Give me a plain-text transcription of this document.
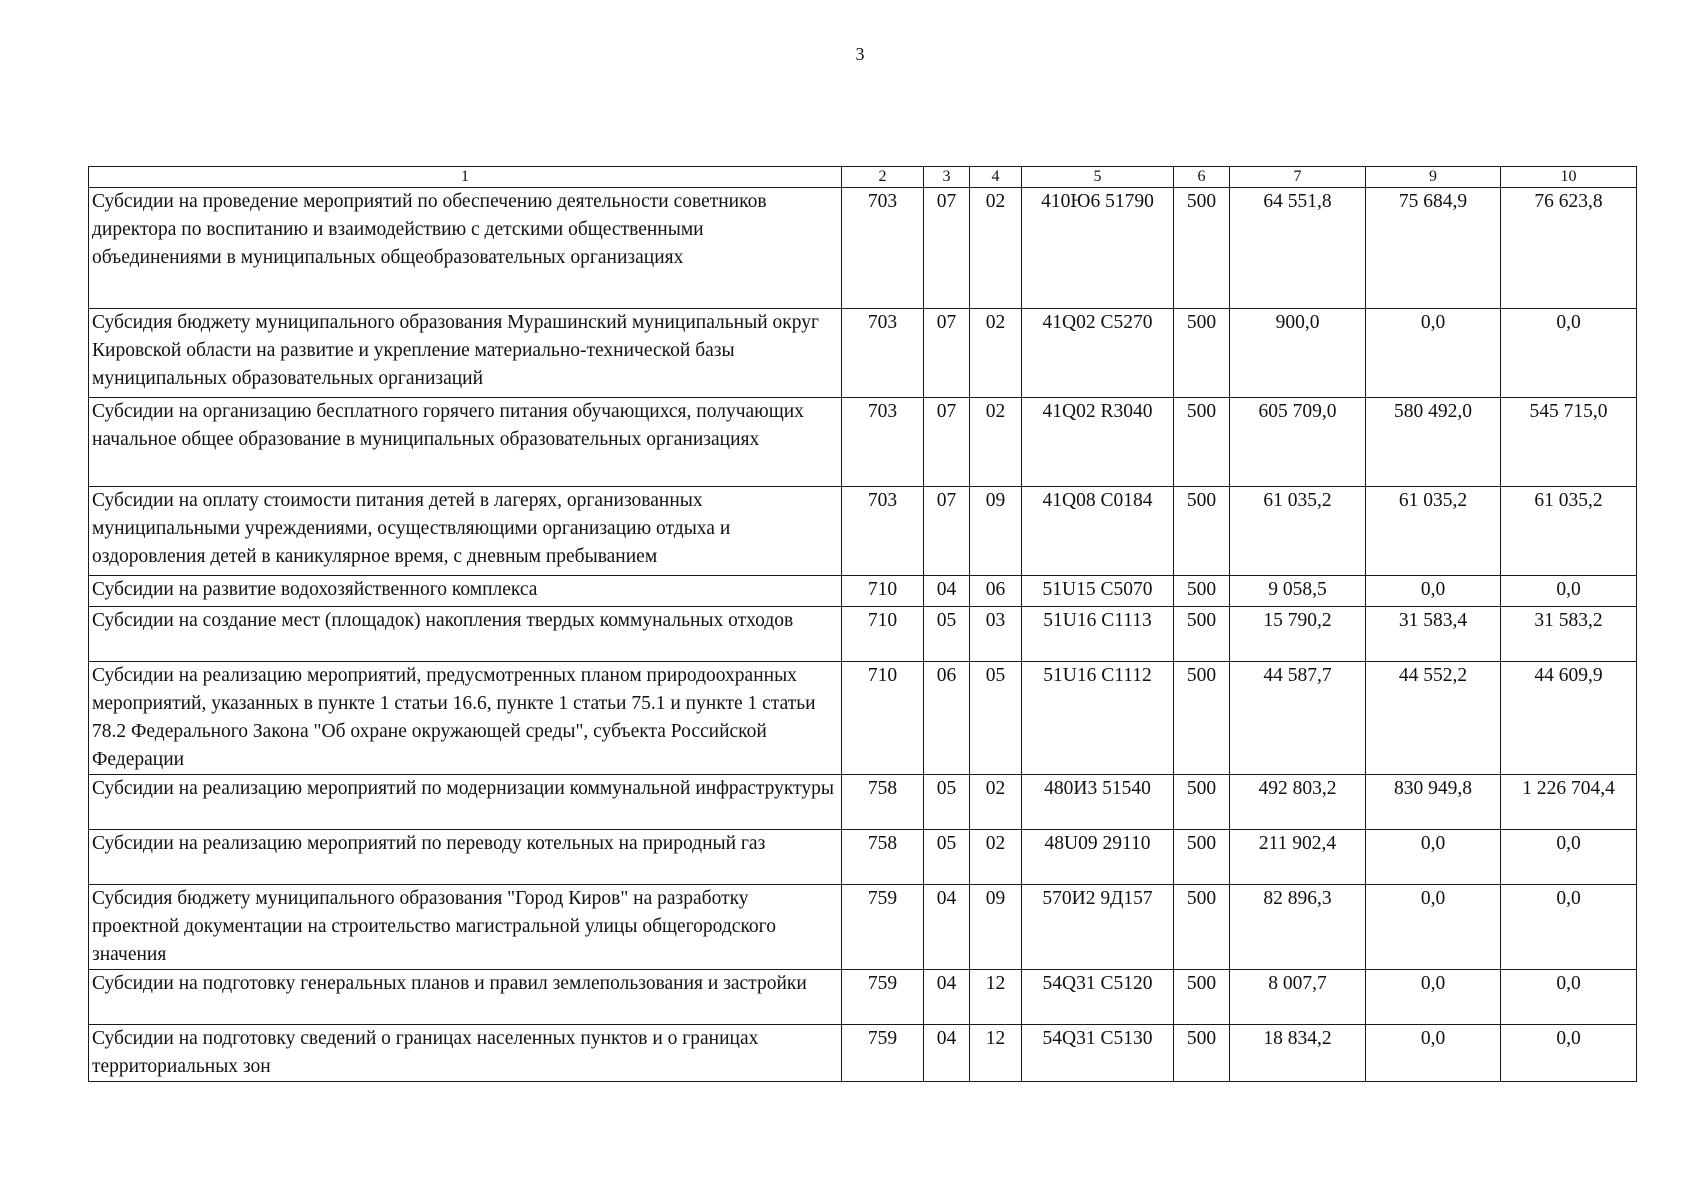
3
1	2	3	4	5	6	7	9	10
Субсидии на проведение мероприятий по обеспечению деятельности советников директора по воспитанию и взаимодействию с детскими общественными объединениями в муниципальных общеобразовательных организациях	703	07	02	410Ю6 51790	500	64 551,8	75 684,9	76 623,8
Субсидия бюджету муниципального образования Мурашинский муниципальный округ Кировской области на развитие и укрепление материально-технической базы муниципальных образовательных организаций	703	07	02	41Q02 C5270	500	900,0	0,0	0,0
Субсидии на организацию бесплатного горячего питания обучающихся, получающих начальное общее образование в муниципальных образовательных организациях	703	07	02	41Q02 R3040	500	605 709,0	580 492,0	545 715,0
Субсидии на оплату стоимости питания детей в лагерях, организованных муниципальными учреждениями, осуществляющими организацию отдыха и оздоровления детей в каникулярное время, с дневным пребыванием	703	07	09	41Q08 C0184	500	61 035,2	61 035,2	61 035,2
Субсидии на развитие водохозяйственного комплекса	710	04	06	51U15 C5070	500	9 058,5	0,0	0,0
Субсидии на создание мест (площадок) накопления твердых коммунальных отходов	710	05	03	51U16 C1113	500	15 790,2	31 583,4	31 583,2
Субсидии на реализацию мероприятий, предусмотренных планом природоохранных мероприятий, указанных в пункте 1 статьи 16.6, пункте 1 статьи 75.1 и пункте 1 статьи 78.2 Федерального Закона "Об охране окружающей среды", субъекта Российской Федерации	710	06	05	51U16 C1112	500	44 587,7	44 552,2	44 609,9
Субсидии на реализацию мероприятий по модернизации коммунальной инфраструктуры	758	05	02	480И3 51540	500	492 803,2	830 949,8	1 226 704,4
Субсидии на реализацию мероприятий по переводу котельных на природный газ	758	05	02	48U09 29110	500	211 902,4	0,0	0,0
Субсидия бюджету муниципального образования "Город Киров" на разработку проектной документации на строительство магистральной улицы общегородского значения	759	04	09	570И2 9Д157	500	82 896,3	0,0	0,0
Субсидии на подготовку генеральных планов и правил землепользования и застройки	759	04	12	54Q31 C5120	500	8 007,7	0,0	0,0
Субсидии на подготовку сведений о границах населенных пунктов и о границах территориальных зон	759	04	12	54Q31 C5130	500	18 834,2	0,0	0,0
